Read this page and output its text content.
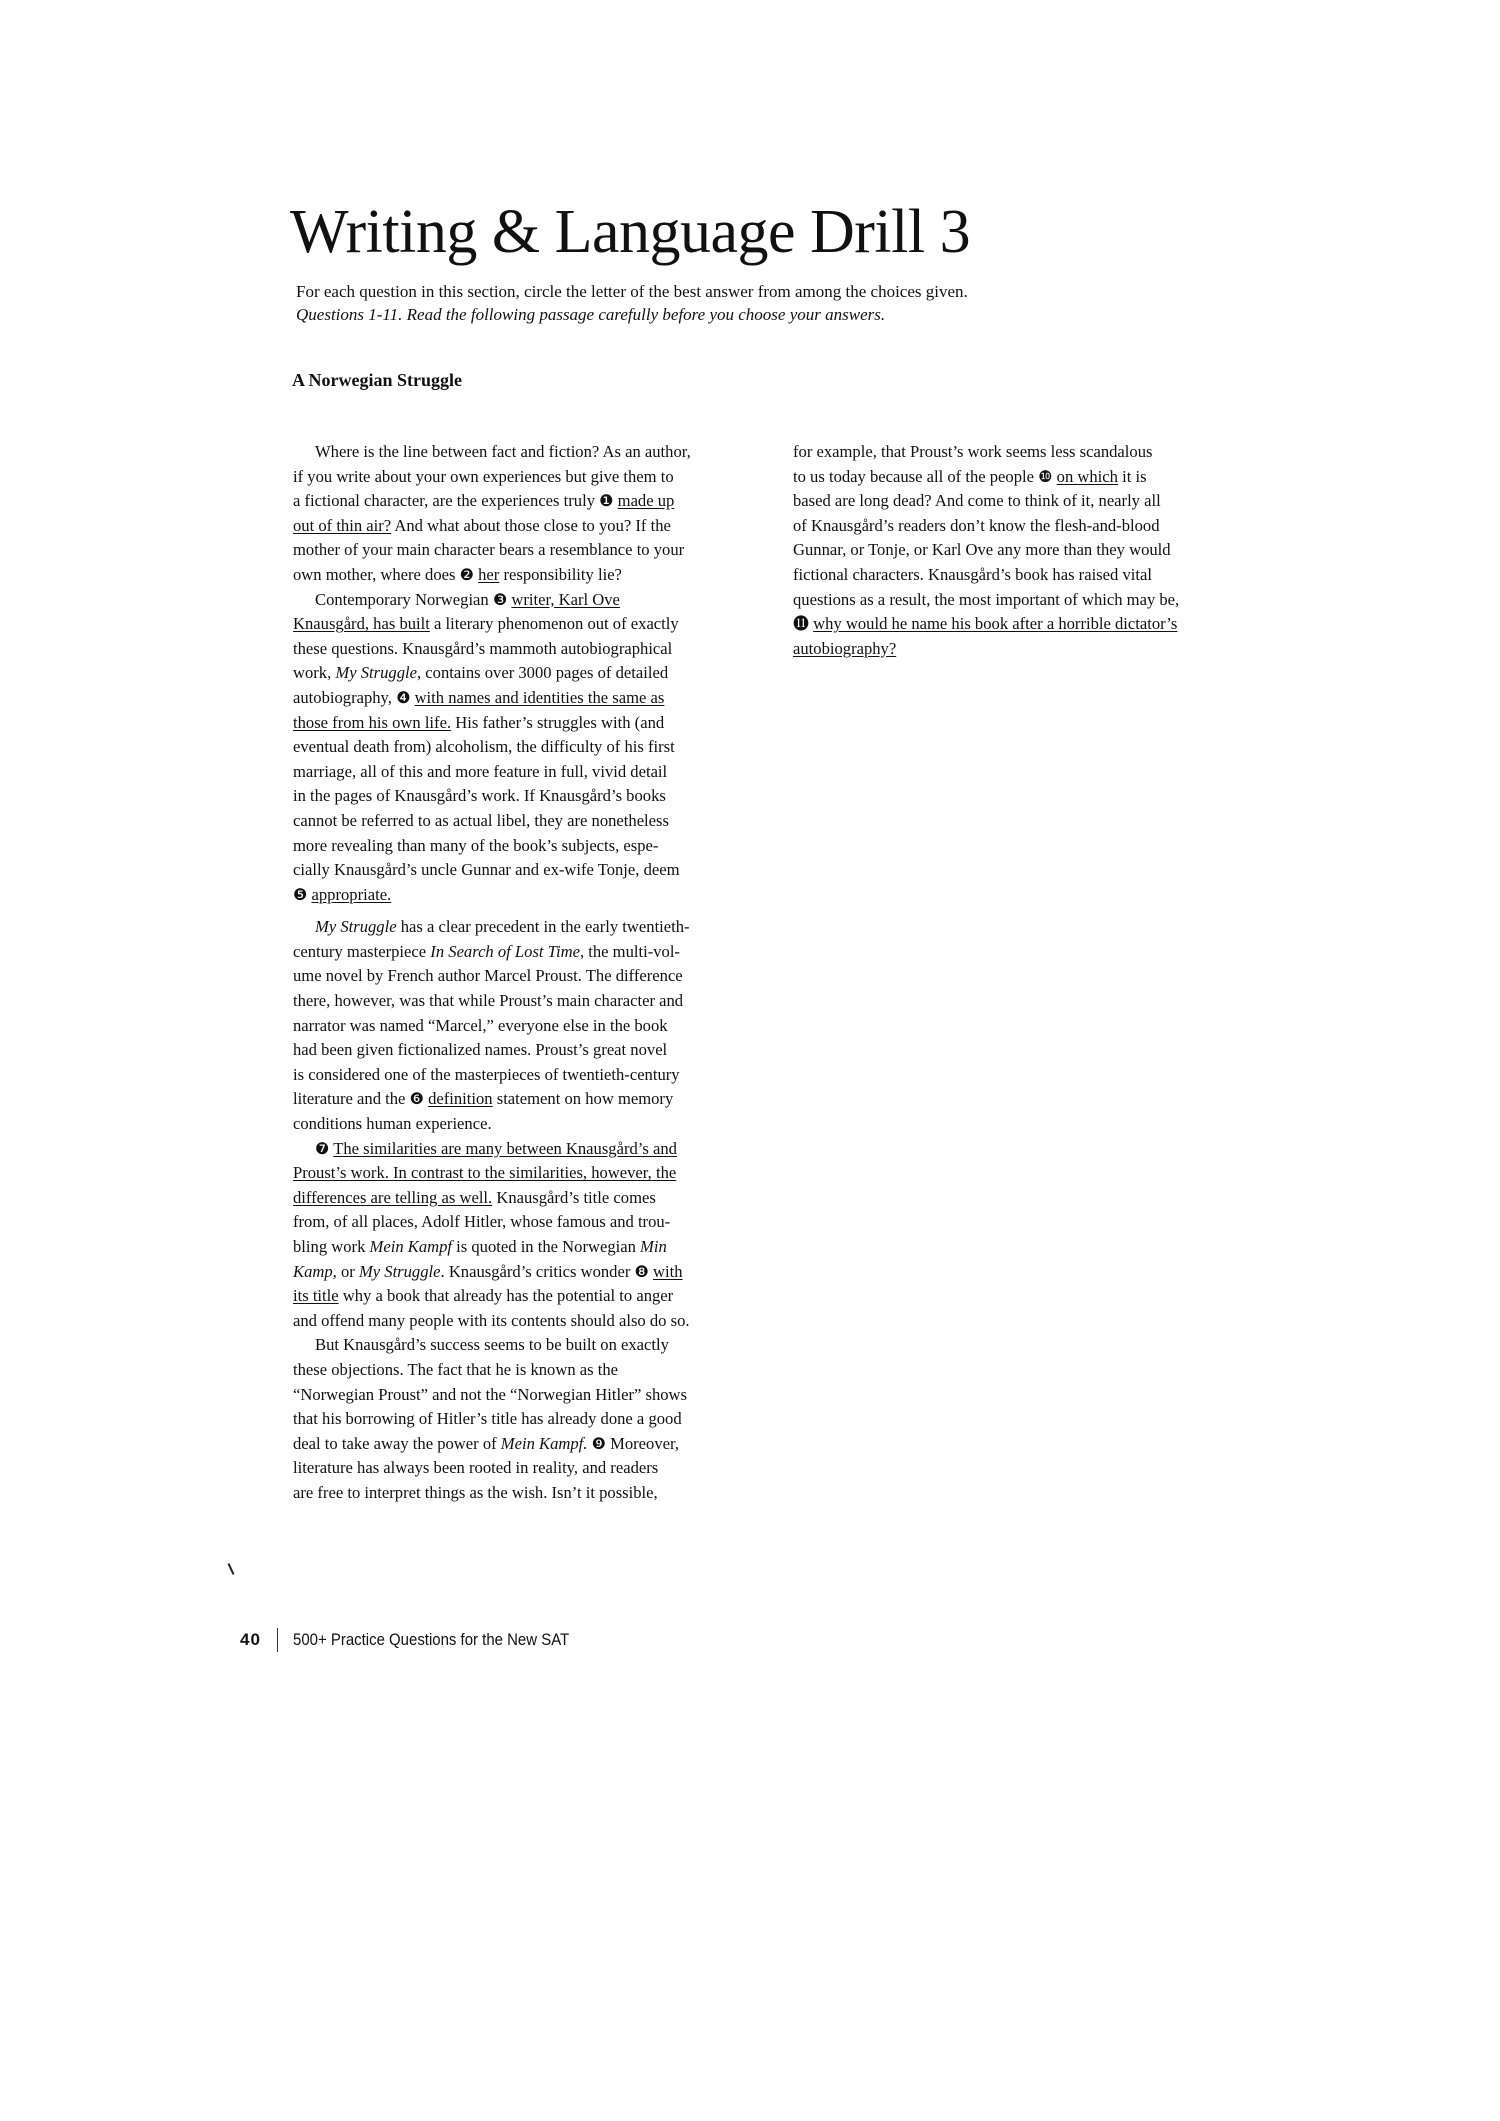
Writing & Language Drill 3
For each question in this section, circle the letter of the best answer from among the choices given.
Questions 1-11. Read the following passage carefully before you choose your answers.
A Norwegian Struggle
Where is the line between fact and fiction? As an author,
if you write about your own experiences but give them to
a fictional character, are the experiences truly ❶ made up
out of thin air? And what about those close to you? If the
mother of your main character bears a resemblance to your
own mother, where does ❷ her responsibility lie?
Contemporary Norwegian ❸ writer, Karl Ove
Knausgård, has built a literary phenomenon out of exactly
these questions. Knausgård’s mammoth autobiographical
work, My Struggle, contains over 3000 pages of detailed
autobiography, ❹ with names and identities the same as
those from his own life. His father’s struggles with (and
eventual death from) alcoholism, the difficulty of his first
marriage, all of this and more feature in full, vivid detail
in the pages of Knausgård’s work. If Knausgård’s books
cannot be referred to as actual libel, they are nonetheless
more revealing than many of the book’s subjects, espe-
cially Knausgård’s uncle Gunnar and ex-wife Tonje, deem
❺ appropriate.
My Struggle has a clear precedent in the early twentieth-
century masterpiece In Search of Lost Time, the multi-vol-
ume novel by French author Marcel Proust. The difference
there, however, was that while Proust’s main character and
narrator was named “Marcel,” everyone else in the book
had been given fictionalized names. Proust’s great novel
is considered one of the masterpieces of twentieth-century
literature and the ❻ definition statement on how memory
conditions human experience.
❼ The similarities are many between Knausgård’s and
Proust’s work. In contrast to the similarities, however, the
differences are telling as well. Knausgård’s title comes
from, of all places, Adolf Hitler, whose famous and trou-
bling work Mein Kampf is quoted in the Norwegian Min
Kamp, or My Struggle. Knausgård’s critics wonder ❽ with
its title why a book that already has the potential to anger
and offend many people with its contents should also do so.
But Knausgård’s success seems to be built on exactly
these objections. The fact that he is known as the
“Norwegian Proust” and not the “Norwegian Hitler” shows
that his borrowing of Hitler’s title has already done a good
deal to take away the power of Mein Kampf. ❾ Moreover,
literature has always been rooted in reality, and readers
are free to interpret things as the wish. Isn’t it possible,
for example, that Proust’s work seems less scandalous
to us today because all of the people ❿ on which it is
based are long dead? And come to think of it, nearly all
of Knausgård’s readers don’t know the flesh-and-blood
Gunnar, or Tonje, or Karl Ove any more than they would
fictional characters. Knausgård’s book has raised vital
questions as a result, the most important of which may be,
⓫ why would he name his book after a horrible dictator’s
autobiography?
40 500+ Practice Questions for the New SAT
